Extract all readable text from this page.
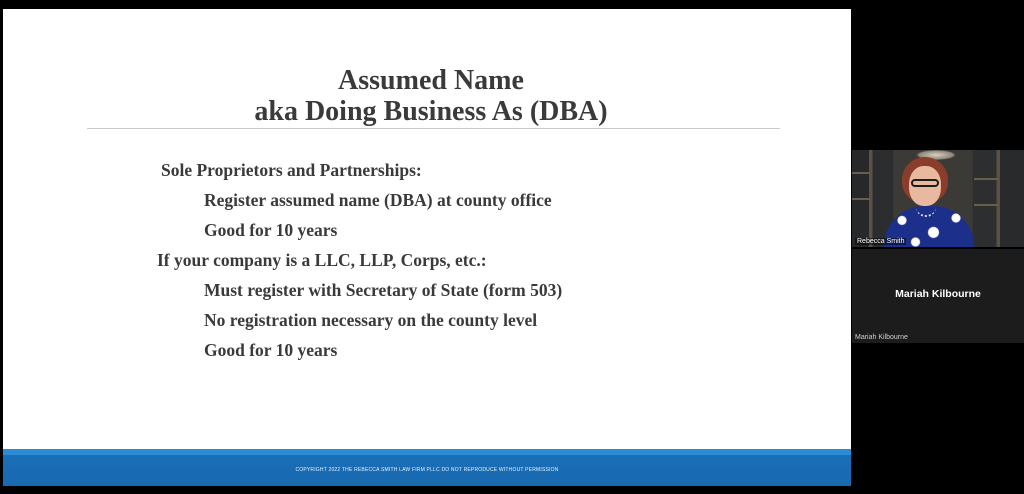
Assumed Name
aka Doing Business As (DBA)
Sole Proprietors and Partnerships:
Register assumed name (DBA) at county office
Good for 10 years
If your company is a LLC, LLP, Corps, etc.:
Must register with Secretary of State (form 503)
No registration necessary on the county level
Good for 10 years
COPYRIGHT 2022 THE REBECCA SMITH LAW FIRM PLLC DO NOT REPRODUCE WITHOUT PERMISSION
Rebecca Smith
Mariah Kilbourne
Mariah Kilbourne
